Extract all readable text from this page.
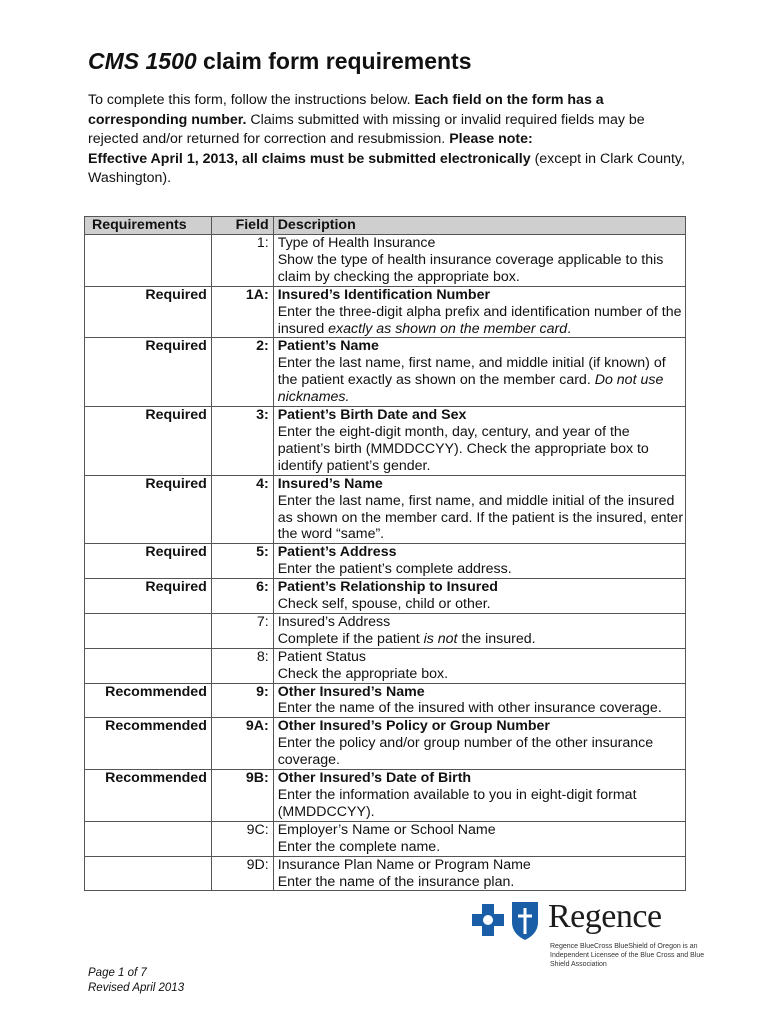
CMS 1500 claim form requirements

To complete this form, follow the instructions below. Each field on the form has a corresponding number. Claims submitted with missing or invalid required fields may be rejected and/or returned for correction and resubmission. Please note:

Effective April 1, 2013, all claims must be submitted electronically (except in Clark County, Washington).

Requirements	Field	Description
	1:	Type of Health Insurance
Show the type of health insurance coverage applicable to this claim by checking the appropriate box.

Required	1A:	Insured’s Identification Number
Enter the three-digit alpha prefix and identification number of the insured exactly as shown on the member card.

Required	2:	Patient’s Name
Enter the last name, first name, and middle initial (if known) of the patient exactly as shown on the member card. Do not use nicknames.

Required	3:	Patient’s Birth Date and Sex
Enter the eight-digit month, day, century, and year of the patient’s birth (MMDDCCYY). Check the appropriate box to identify patient’s gender.

Required	4:	Insured’s Name
Enter the last name, first name, and middle initial of the insured as shown on the member card. If the patient is the insured, enter the word “same”.

Required	5:	Patient’s Address
Enter the patient’s complete address.

Required	6:	Patient’s Relationship to Insured
Check self, spouse, child or other.

	7:	Insured’s Address
Complete if the patient is not the insured.

	8:	Patient Status
Check the appropriate box.

Recommended	9:	Other Insured’s Name
Enter the name of the insured with other insurance coverage.

Recommended	9A:	Other Insured’s Policy or Group Number
Enter the policy and/or group number of the other insurance coverage.

Recommended	9B:	Other Insured’s Date of Birth
Enter the information available to you in eight-digit format (MMDDCCYY).

	9C:	Employer’s Name or School Name
Enter the complete name.

	9D:	Insurance Plan Name or Program Name
Enter the name of the insurance plan.
Regence
Regence BlueCross BlueShield of Oregon is an Independent Licensee of the Blue Cross and Blue Shield Association
Page 1 of 7
Revised April 2013
